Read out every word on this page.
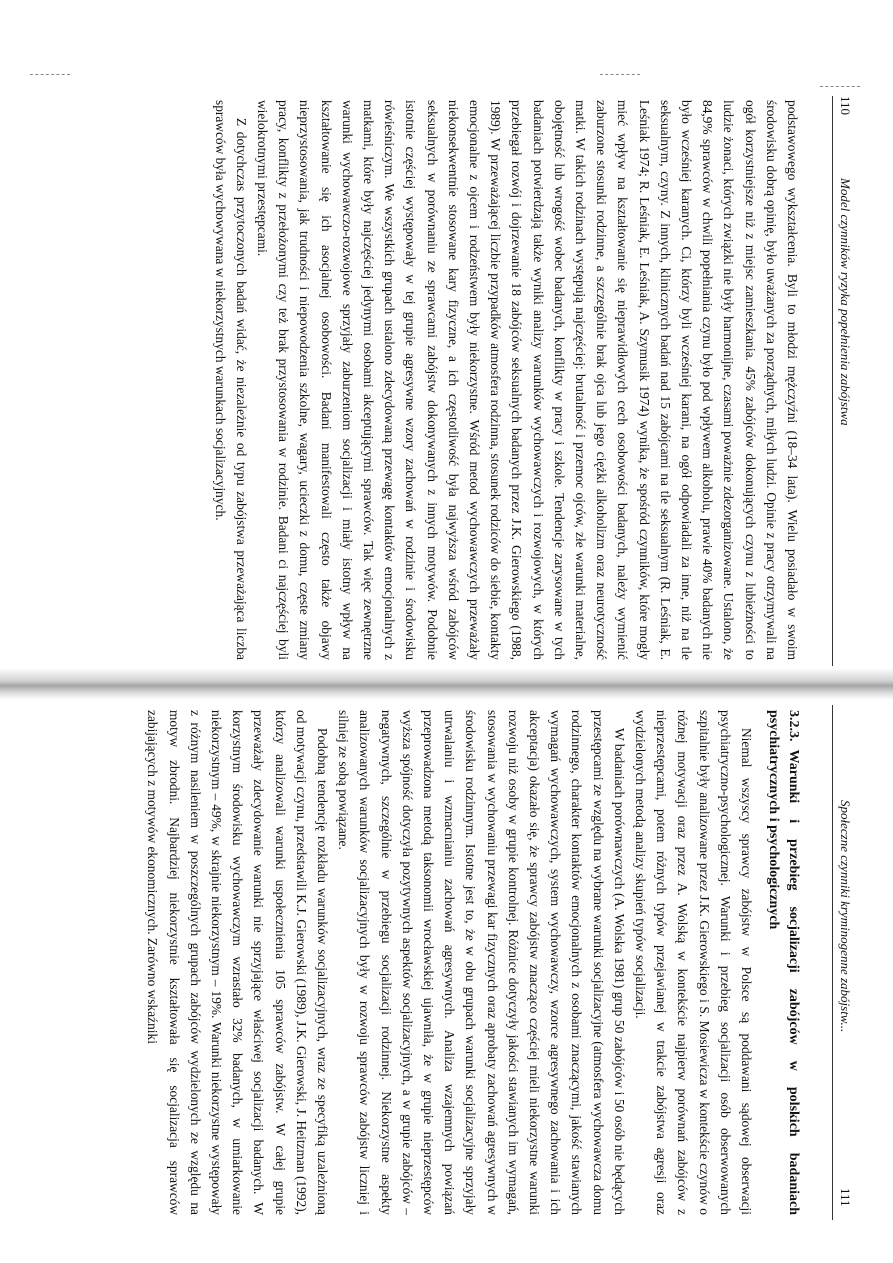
110
Model czynników ryzyka popełnienia zabójstwa

podstawowego wykształcenia. Byli to młodzi mężczyźni (18–34 lata). Wielu posiadało w swoim środowisku dobrą opinię, było uważanych za porządnych, miłych ludzi. Opinie z pracy otrzymywali na ogół korzystniejsze niż z miejsc zamieszkania. 45% zabójców dokonujących czynu z lubieżności to ludzie żonaci, których związki nie były harmonijne, czasami poważnie zdezorganizowane. Ustalono, że 84,9% sprawców w chwili popełniania czynu było pod wpływem alkoholu, prawie 40% badanych nie było wcześniej karanych. Ci, którzy byli wcześniej karani, na ogół odpowiadali za inne, niż na tle seksualnym, czyny. Z innych, klinicznych badań nad 15 zabójcami na tle seksualnym (R. Leśniak, E. Leśniak 1974; R. Leśniak, E. Leśniak, A. Szymusik 1974) wynika, że spośród czynników, które mogły mieć wpływ na kształtowanie się nieprawidłowych cech osobowości badanych, należy wymienić zaburzone stosunki rodzinne, a szczególnie brak ojca lub jego ciężki alkoholizm oraz neurotyczność matki. W takich rodzinach występują najczęściej: brutalność i przemoc ojców, złe warunki materialne, obojętność lub wrogość wobec badanych, konflikty w pracy i szkole. Tendencje zarysowane w tych badaniach potwierdzają także wyniki analizy warunków wychowawczych i rozwojowych, w których przebiegał rozwój i dojrzewanie 18 zabójców seksualnych badanych przez J.K. Gierowskiego (1988, 1989). W przeważającej liczbie przypadków atmosfera rodzinna, stosunek rodziców do siebie, kontakty emocjonalne z ojcem i rodzeństwem były niekorzystne. Wśród metod wychowawczych przeważały niekonsekwentnie stosowane kary fizyczne, a ich częstotliwość była najwyższa wśród zabójców seksualnych w porównaniu ze sprawcami zabójstw dokonywanych z innych motywów. Podobnie istotnie częściej występowały w tej grupie agresywne wzory zachowań w rodzinie i środowisku rówieśniczym. We wszystkich grupach ustalono zdecydowaną przewagę kontaktów emocjonalnych z matkami, które były najczęściej jedynymi osobami akceptującymi sprawców. Tak więc zewnętrzne warunki wychowawczo-rozwojowe sprzyjały zaburzeniom socjalizacji i miały istotny wpływ na kształtowanie się ich asocjalnej osobowości. Badani manifestowali często także objawy nieprzystosowania, jak trudności i niepowodzenia szkolne, wagary, ucieczki z domu, częste zmiany pracy, konflikty z przełożonymi czy też brak przystosowania w rodzinie. Badani ci najczęściej byli wielokrotnymi przestępcami.

Z dotychczas przytoczonych badań widać, że niezależnie od typu zabójstwa przeważająca liczba sprawców była wychowywana w niekorzystnych warunkach socjalizacyjnych.

Społeczne czynniki kryminogenne zabójstw...
111
3.2.3.Warunki i przebieg socjalizacji zabójców w polskich badaniach psychiatrycznych i psychologicznych

Niemal wszyscy sprawcy zabójstw w Polsce są poddawani sądowej obserwacji psychiatryczno-psychologicznej. Warunki i przebieg socjalizacji osób obserwowanych szpitalnie były analizowane przez J.K. Gierowskiego i S. Mosiewicza w kontekście czynów o różnej motywacji oraz przez A. Wolską w kontekście najpierw porównań zabójców z nieprzestępcami, potem różnych typów przejawianej w trakcie zabójstwa agresji oraz wydzielonych metodą analizy skupień typów socjalizacji.

W badaniach porównawczych (A. Wolska 1981) grup 50 zabójców i 50 osób nie będących przestępcami ze względu na wybrane warunki socjalizacyjne (atmosfera wychowawcza domu rodzinnego, charakter kontaktów emocjonalnych z osobami znaczącymi, jakość stawianych wymagań wychowawczych, system wychowawczy, wzorce agresywnego zachowania i ich akceptacja) okazało się, że sprawcy zabójstw znacząco częściej mieli niekorzystne warunki rozwoju niż osoby w grupie kontrolnej. Różnice dotyczyły jakości stawianych im wymagań, stosowania w wychowaniu przewagi kar fizycznych oraz aprobaty zachowań agresywnych w środowisku rodzinnym. Istotne jest to, że w obu grupach warunki socjalizacyjne sprzyjały utrwalaniu i wzmacnianiu zachowań agresywnych. Analiza wzajemnych powiązań przeprowadzona metodą taksonomii wrocławskiej ujawniła, że w grupie nieprzestępców wyższa spójność dotyczyła pozytywnych aspektów socjalizacyjnych, a w grupie zabójców – negatywnych, szczególnie w przebiegu socjalizacji rodzinnej. Niekorzystne aspekty analizowanych warunków socjalizacyjnych były w rozwoju sprawców zabójstw liczniej i silniej ze sobą powiązane.

Podobną tendencję rozkładu warunków socjalizacyjnych, wraz ze specyfiką uzależnioną od motywacji czynu, przedstawili K.J. Gierowski (1989), J.K. Gierowski, J. Heitzman (1992), którzy analizowali warunki uspołecznienia 105 sprawców zabójstw. W całej grupie przeważały zdecydowanie warunki nie sprzyjające właściwej socjalizacji badanych. W korzystnym środowisku wychowawczym wzrastało 32% badanych, w umiarkowanie niekorzystnym – 49%, w skrajnie niekorzystnym – 19%. Warunki niekorzystne występowały z różnym nasileniem w poszczególnych grupach zabójców wydzielonych ze względu na motyw zbrodni. Najbardziej niekorzystnie kształtowała się socjalizacja sprawców zabijających z motywów ekonomicznych. Zarówno wskaźniki
